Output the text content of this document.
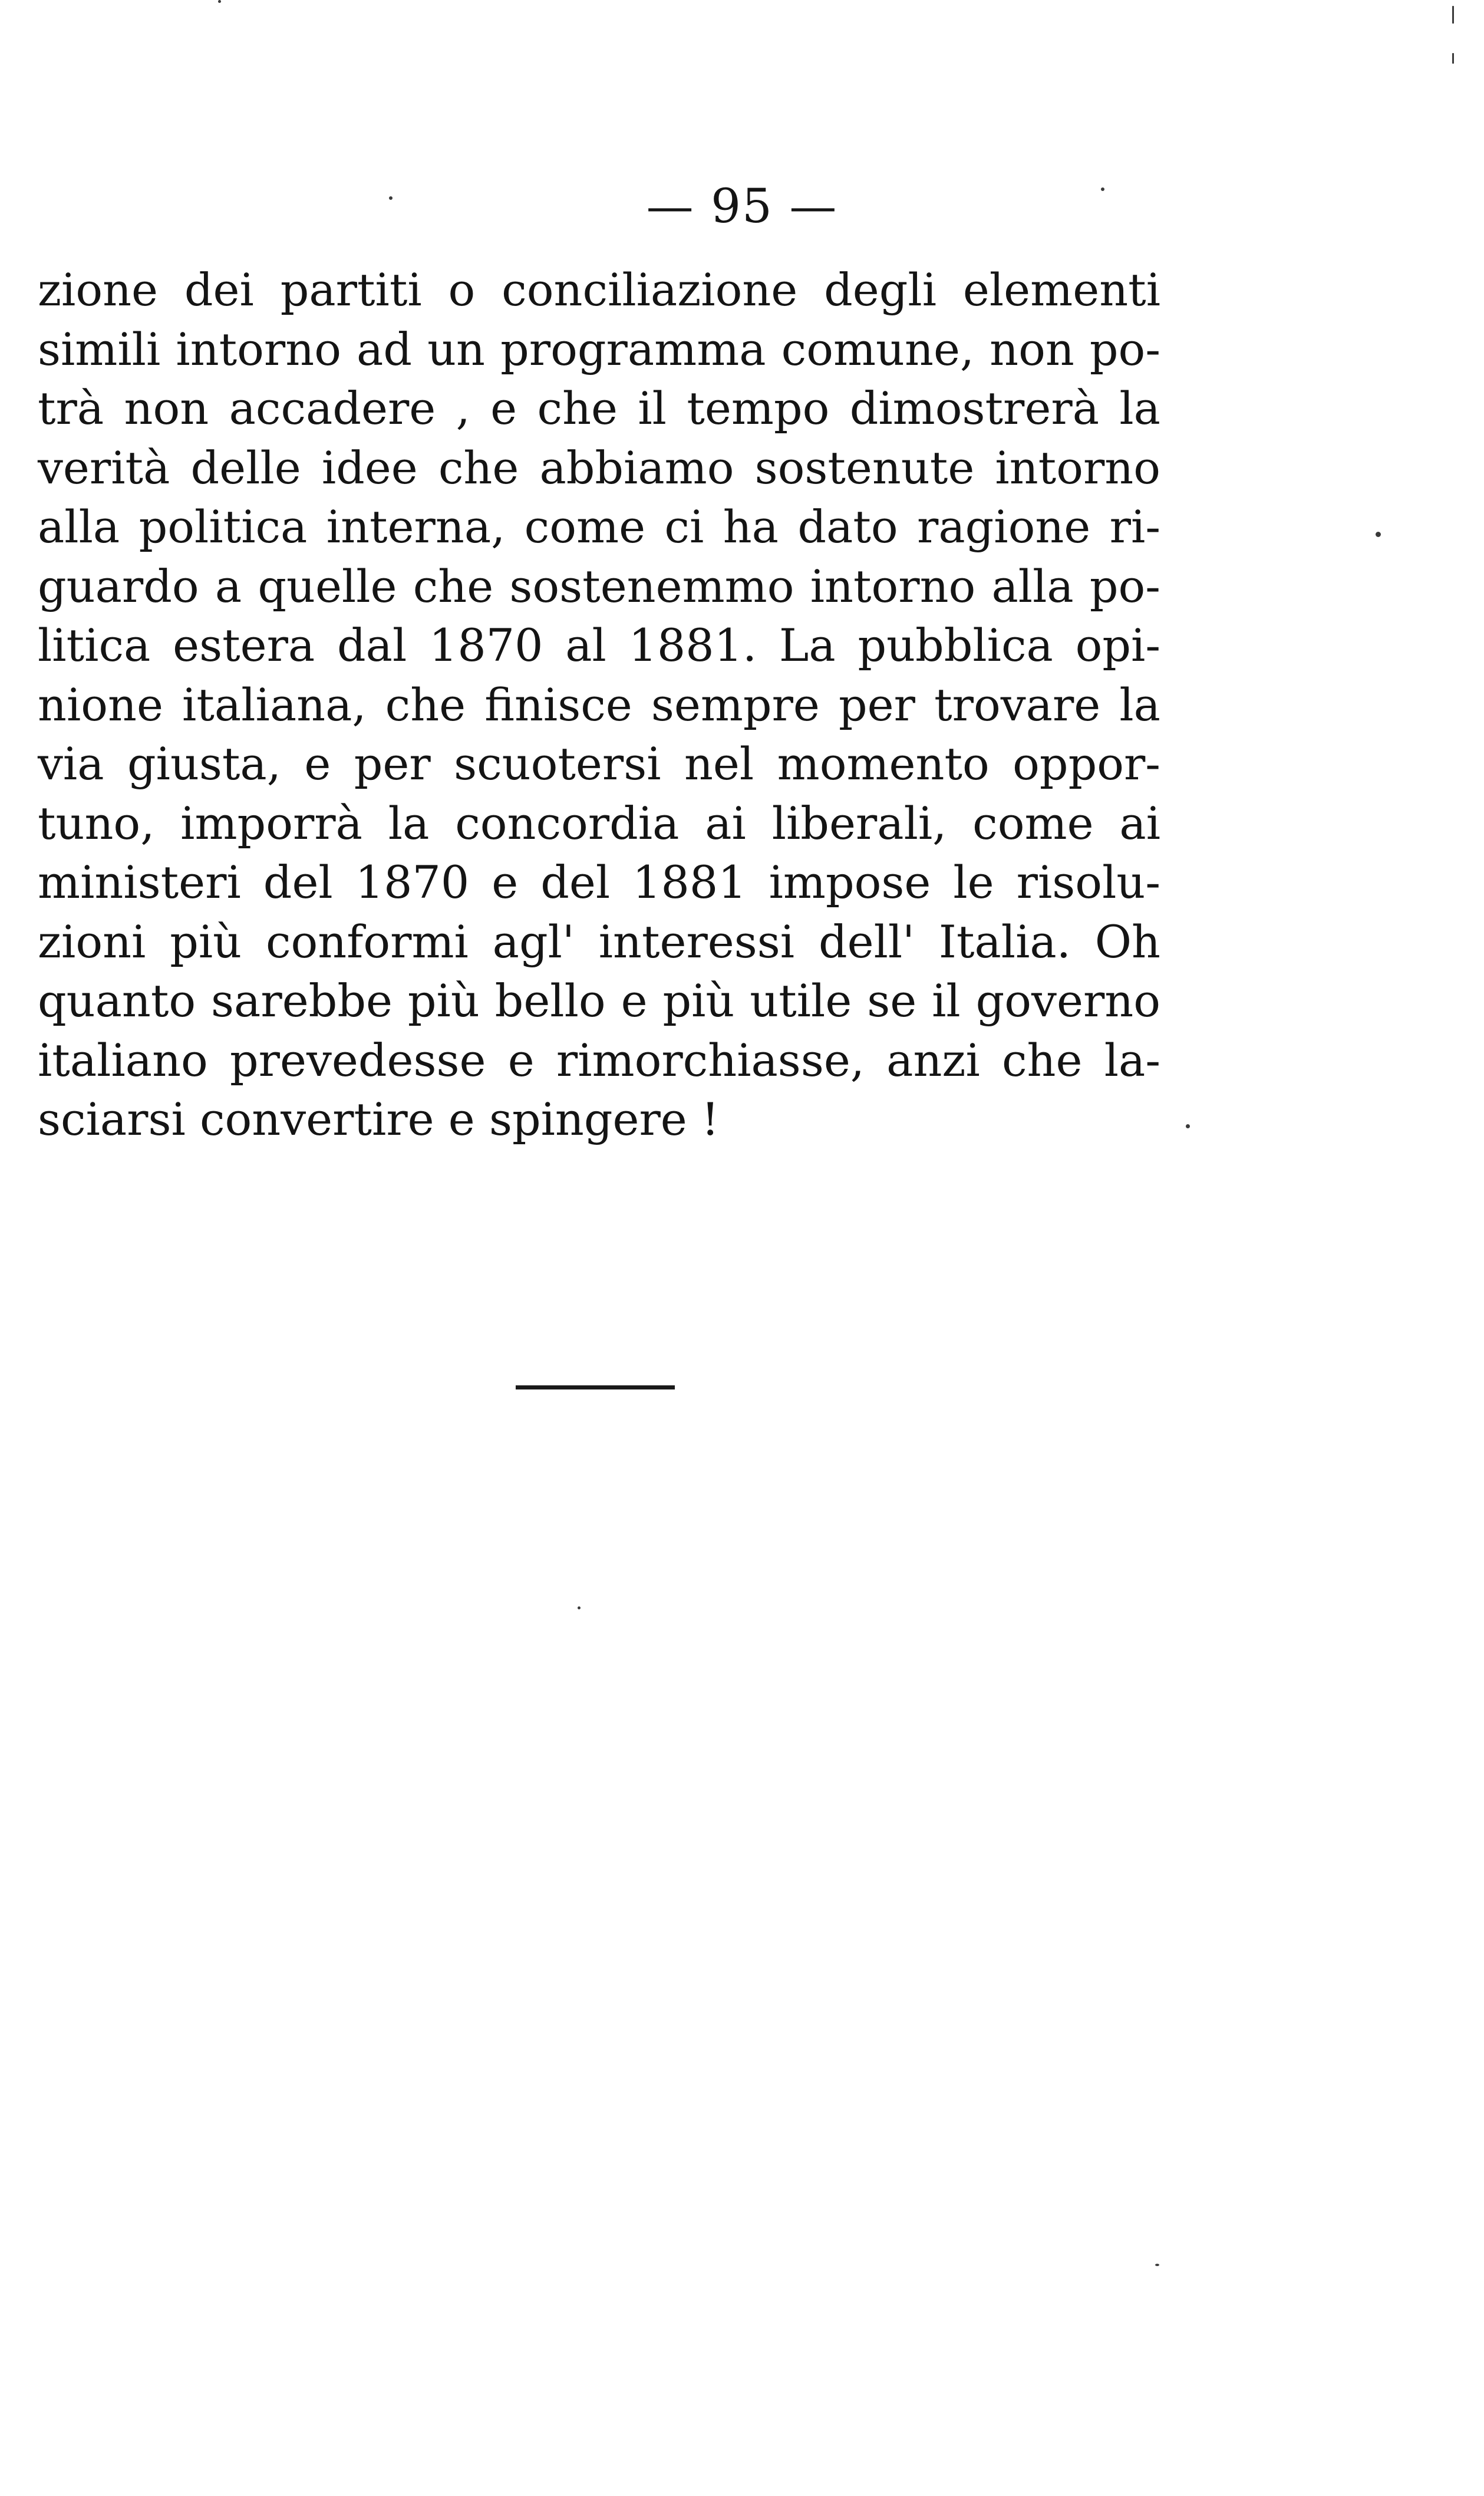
— 95 —
zione dei partiti o conciliazione degli elementi
simili intorno ad un programma comune, non po-
trà non accadere , e che il tempo dimostrerà la
verità delle idee che abbiamo sostenute intorno
alla politica interna, come ci ha dato ragione ri-
guardo a quelle che sostenemmo intorno alla po-
litica estera dal 1870 al 1881. La pubblica opi-
nione italiana, che finisce sempre per trovare la
via giusta, e per scuotersi nel momento oppor-
tuno, imporrà la concordia ai liberali, come ai
ministeri del 1870 e del 1881 impose le risolu-
zioni più conformi agl' interessi dell' Italia. Oh
quanto sarebbe più bello e più utile se il governo
italiano prevedesse e rimorchiasse, anzi che la-
sciarsi convertire e spingere !
